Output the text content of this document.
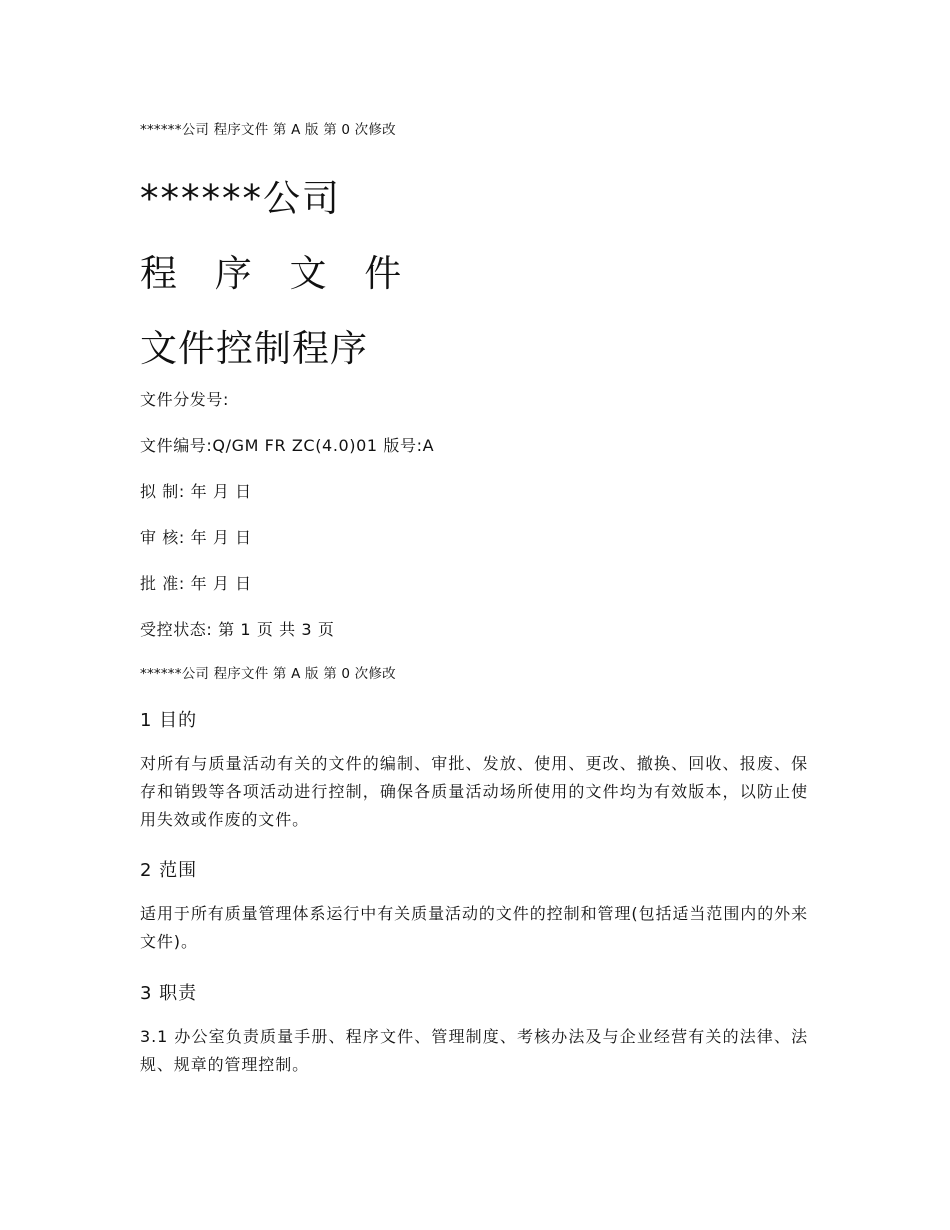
******公司 程序文件 第 A 版 第 0 次修改
******公司
程 序 文 件
文件控制程序
文件分发号:
文件编号:Q/GM FR ZC(4.0)01 版号:A
拟 制: 年 月 日
审 核: 年 月 日
批 准: 年 月 日
受控状态: 第 1 页 共 3 页
******公司 程序文件 第 A 版 第 0 次修改
1 目的
对所有与质量活动有关的文件的编制、审批、发放、使用、更改、撤换、回收、报废、保存和销毁等各项活动进行控制，确保各质量活动场所使用的文件均为有效版本，以防止使用失效或作废的文件。
2 范围
适用于所有质量管理体系运行中有关质量活动的文件的控制和管理(包括适当范围内的外来文件)。
3 职责
3.1 办公室负责质量手册、程序文件、管理制度、考核办法及与企业经营有关的法律、法 规、规章的管理控制。
